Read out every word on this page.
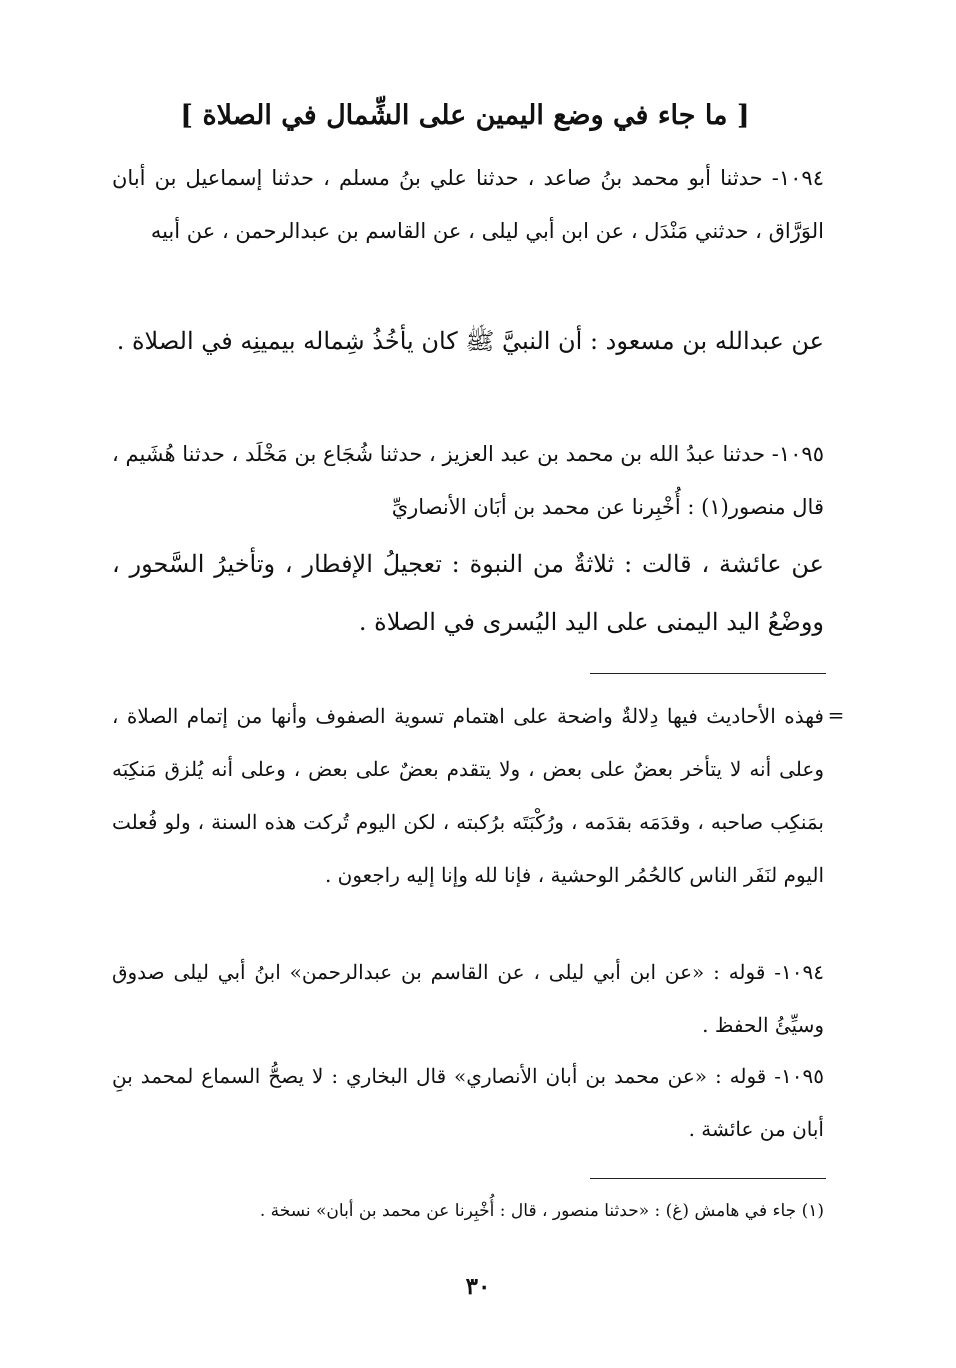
[ ما جاء في وضع اليمين على الشِّمال في الصلاة ]
١٠٩٤- حدثنا أبو محمد بنُ صاعد ، حدثنا علي بنُ مسلم ، حدثنا إسماعيل بن أبان الوَرَّاق ، حدثني مَنْدَل ، عن ابن أبي ليلى ، عن القاسم بن عبدالرحمن ، عن أبيه
عن عبدالله بن مسعود : أن النبيَّ ﷺ كان يأخُذُ شِماله بيمينِه في الصلاة .
١٠٩٥- حدثنا عبدُ الله بن محمد بن عبد العزيز ، حدثنا شُجَاع بن مَخْلَد ، حدثنا هُشَيم ، قال منصور(١) : أُخْبِرنا عن محمد بن أبَان الأنصاريِّ
عن عائشة ، قالت : ثلاثةٌ من النبوة : تعجيلُ الإفطار ، وتأخيرُ السَّحور ، ووضْعُ اليد اليمنى على اليد اليُسرى في الصلاة .
=
فهذه الأحاديث فيها دِلالةٌ واضحة على اهتمام تسوية الصفوف وأنها من إتمام الصلاة ، وعلى أنه لا يتأخر بعضٌ على بعض ، ولا يتقدم بعضٌ على بعض ، وعلى أنه يُلزق مَنكِبَه بمَنكِب صاحبه ، وقدَمَه بقدَمه ، ورُكْبَتَه برُكبته ، لكن اليوم تُركت هذه السنة ، ولو فُعلت اليوم لنَفَر الناس كالحُمُر الوحشية ، فإنا لله وإنا إليه راجعون .
١٠٩٤- قوله : «عن ابن أبي ليلى ، عن القاسم بن عبدالرحمن» ابنُ أبي ليلى صدوق وسيِّئُ الحفظ .
١٠٩٥- قوله : «عن محمد بن أبان الأنصاري» قال البخاري : لا يصحُّ السماع لمحمد بنِ أبان من عائشة .
(١) جاء في هامش (غ) : «حدثنا منصور ، قال : أُخْبِرنا عن محمد بن أبان» نسخة .
٣٠
